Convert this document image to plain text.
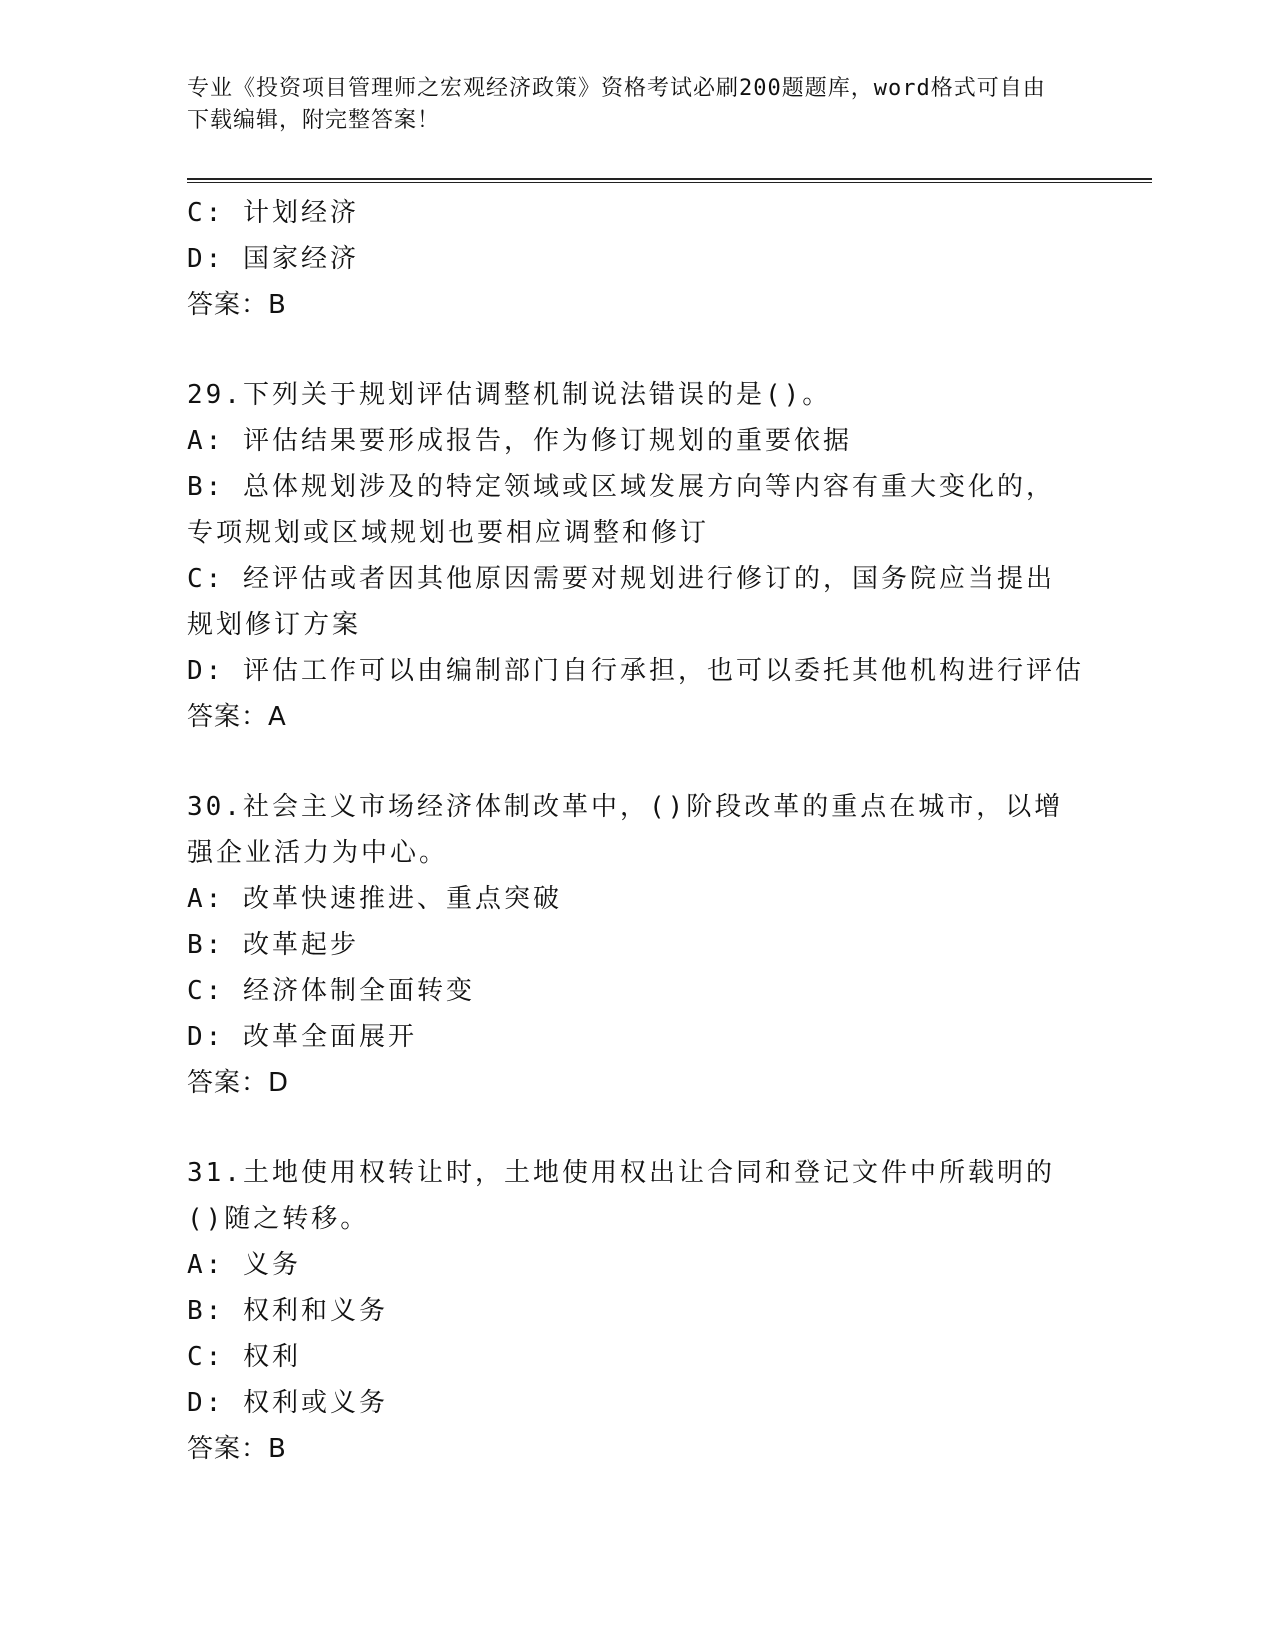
专业《投资项目管理师之宏观经济政策》资格考试必刷200题题库，word格式可自由下载编辑，附完整答案！
C: 计划经济
D: 国家经济
答案：B
29.下列关于规划评估调整机制说法错误的是()。
A: 评估结果要形成报告，作为修订规划的重要依据
B: 总体规划涉及的特定领域或区域发展方向等内容有重大变化的，专项规划或区域规划也要相应调整和修订
C: 经评估或者因其他原因需要对规划进行修订的，国务院应当提出规划修订方案
D: 评估工作可以由编制部门自行承担，也可以委托其他机构进行评估
答案：A
30.社会主义市场经济体制改革中，()阶段改革的重点在城市，以增强企业活力为中心。
A: 改革快速推进、重点突破
B: 改革起步
C: 经济体制全面转变
D: 改革全面展开
答案：D
31.土地使用权转让时，土地使用权出让合同和登记文件中所载明的()随之转移。
A: 义务
B: 权利和义务
C: 权利
D: 权利或义务
答案：B
